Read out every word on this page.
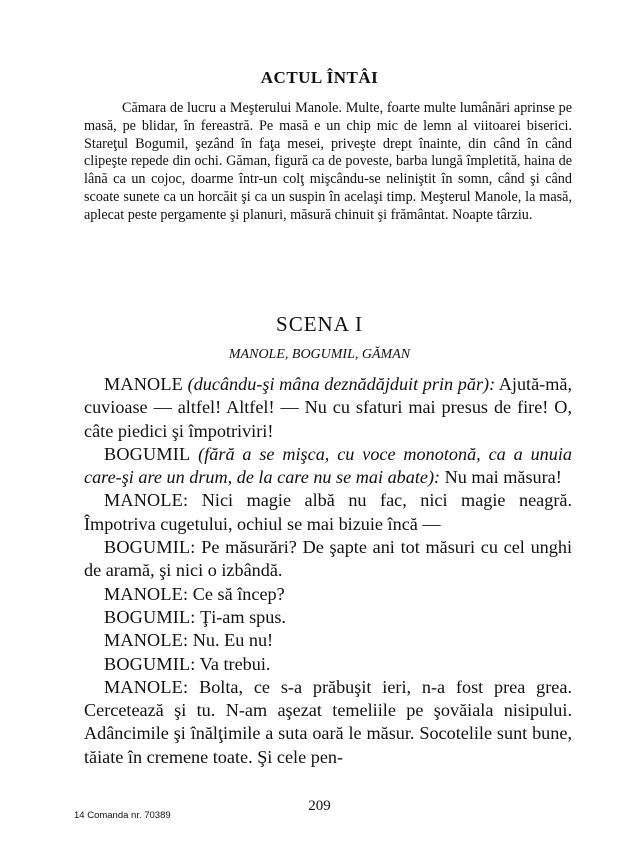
ACTUL ÎNTÂI
Cămara de lucru a Meşterului Manole. Multe, foarte multe lumânări aprinse pe masă, pe blidar, în fereastră. Pe masă e un chip mic de lemn al viitoarei biserici. Stareţul Bogumil, şezând în faţa mesei, priveşte drept înainte, din când în când clipeşte repede din ochi. Găman, figură ca de poveste, barba lungă împletită, haina de lână ca un cojoc, doarme într-un colţ mişcându-se neliniştit în somn, când şi când scoate sunete ca un horcăit şi ca un suspin în acelaşi timp. Meşterul Manole, la masă, aplecat peste pergamente şi planuri, măsură chinuit şi frământat. Noapte târziu.
SCENA I
MANOLE, BOGUMIL, GĂMAN

MANOLE (ducându-şi mâna deznădăjduit prin păr): Ajută-mă, cuvioase — altfel! Altfel! — Nu cu sfaturi mai presus de fire! O, câte piedici şi împotriviri!

BOGUMIL (fără a se mişca, cu voce monotonă, ca a unuia care-şi are un drum, de la care nu se mai abate): Nu mai măsura!

MANOLE: Nici magie albă nu fac, nici magie neagră. Împotriva cugetului, ochiul se mai bizuie încă —

BOGUMIL: Pe măsurări? De şapte ani tot măsuri cu cel unghi de aramă, şi nici o izbândă.

MANOLE: Ce să încep?

BOGUMIL: Ţi-am spus.

MANOLE: Nu. Eu nu!

BOGUMIL: Va trebui.

MANOLE: Bolta, ce s-a prăbuşit ieri, n-a fost prea grea. Cercetează şi tu. N-am aşezat temeliile pe şovăiala nisipului. Adâncimile şi înălţimile a suta oară le măsur. Socotelile sunt bune, tăiate în cremene toate. Şi cele pen-

209
14 Comanda nr. 70389
